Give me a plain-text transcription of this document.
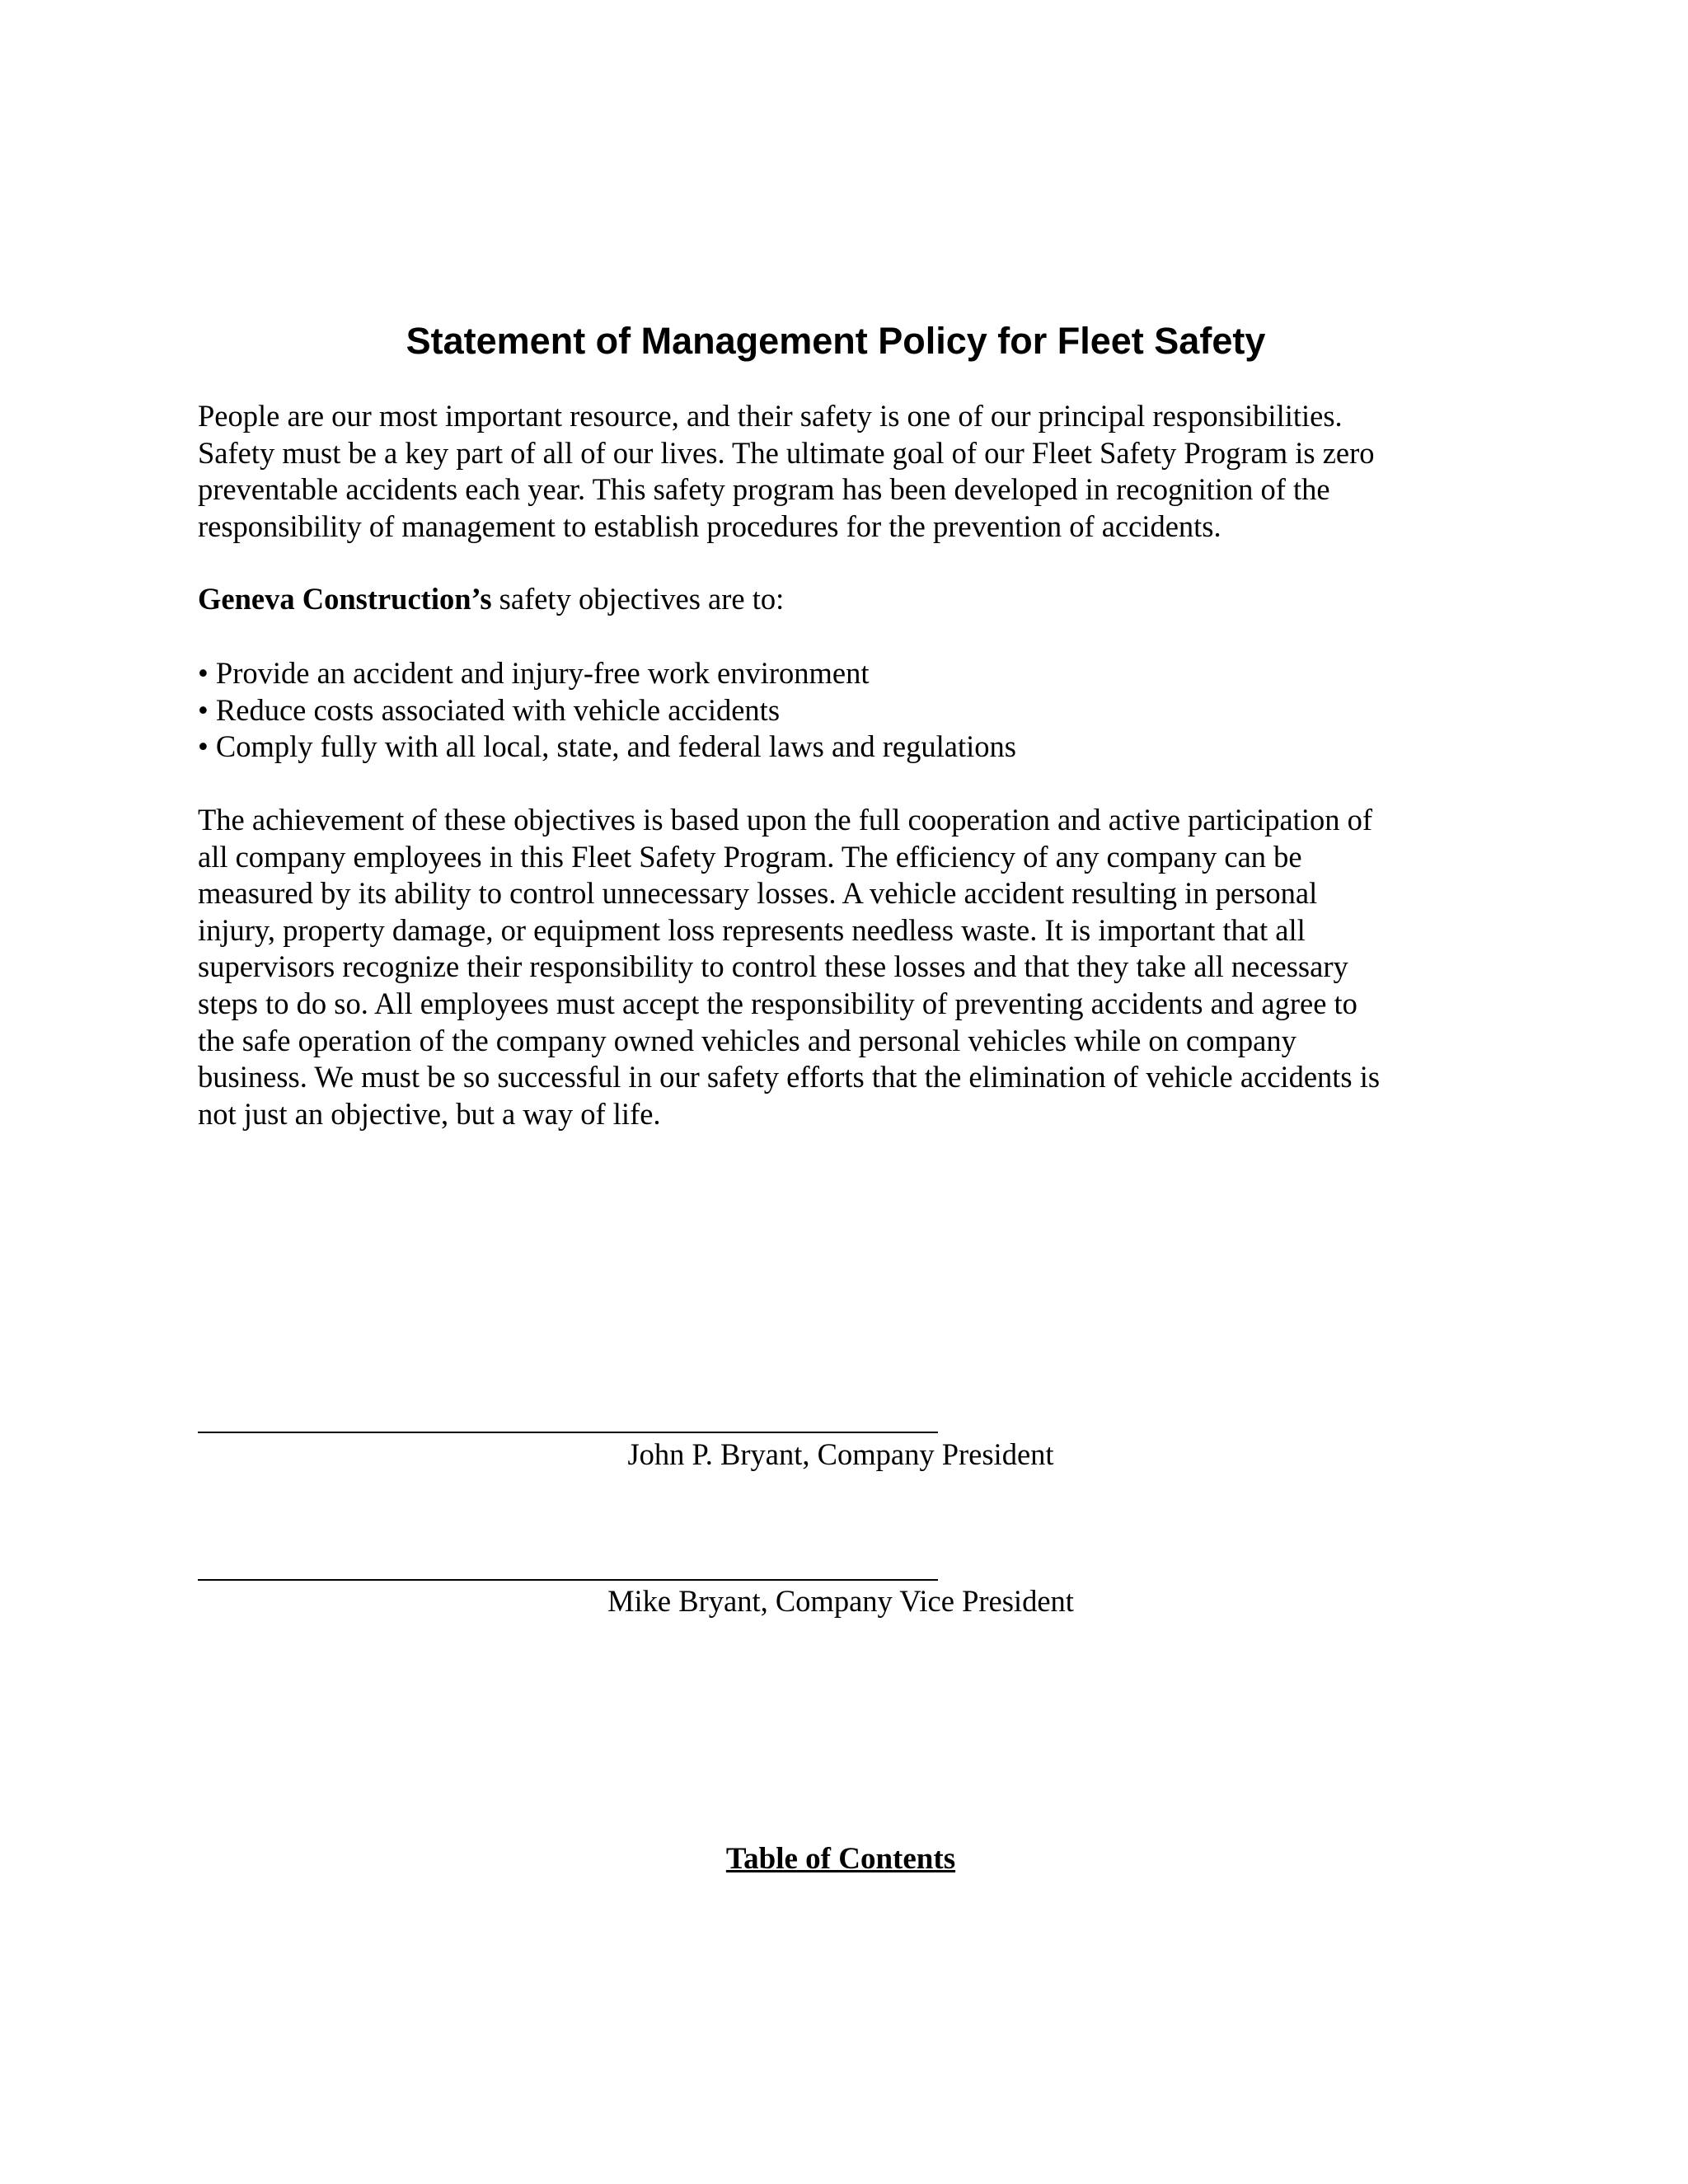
Statement of Management Policy for Fleet Safety
People are our most important resource, and their safety is one of our principal responsibilities.
Safety must be a key part of all of our lives. The ultimate goal of our Fleet Safety Program is zero
preventable accidents each year. This safety program has been developed in recognition of the
responsibility of management to establish procedures for the prevention of accidents.
Geneva Construction’s safety objectives are to:
• Provide an accident and injury-free work environment
• Reduce costs associated with vehicle accidents
• Comply fully with all local, state, and federal laws and regulations
The achievement of these objectives is based upon the full cooperation and active participation of
all company employees in this Fleet Safety Program. The efficiency of any company can be
measured by its ability to control unnecessary losses. A vehicle accident resulting in personal
injury, property damage, or equipment loss represents needless waste. It is important that all
supervisors recognize their responsibility to control these losses and that they take all necessary
steps to do so. All employees must accept the responsibility of preventing accidents and agree to
the safe operation of the company owned vehicles and personal vehicles while on company
business. We must be so successful in our safety efforts that the elimination of vehicle accidents is
not just an objective, but a way of life.

John P. Bryant, Company President

Mike Bryant, Company Vice President

Table of Contents
